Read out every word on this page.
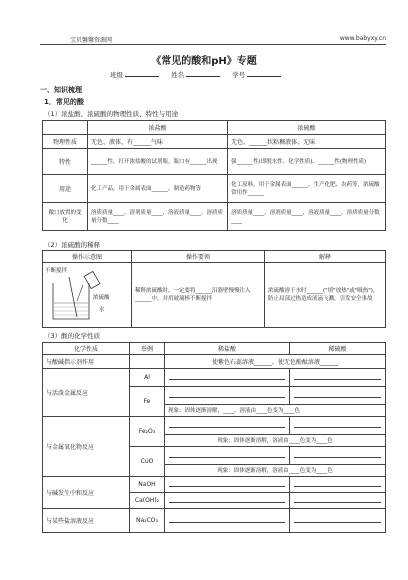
宝贝馨馨资源网	www.babyxy.cn
《常见的酸和pH》专题
班级	姓名	学号
一、知识梳理
1．常见的酸
（1）浓盐酸、浓硫酸的物理性质、特性与用途
	浓盐酸	浓硫酸
物理性质	无色、液体、有______气味	无色、______状粘稠液体、无味
特性	______性，打开浓盐酸的试剂瓶，瓶口有______出现	强______性(即脱水性、化学性质)、______性(物理性质)
用途	化工产品，用于金属表面______，制造药物等	化工原料，用于金属表面______，生产化肥、农药等，浓硫酸常用作______
敞口放置的变化	溶质质量____，溶剂质量____，溶液质量____，溶质质量分数____	溶质质量____，溶剂质量____，溶液质量____，溶质质量分数____
（2）浓硫酸的稀释
操作示意图	操作要领	解释

不断搅拌
浓硫酸
水	稀释浓硫酸时，一定要将______沿器壁慢慢注入______中，并用玻璃棒不断搅拌	浓硫酸溶于水时______("填"放热"或"吸热")，防止局部过热造成液滴飞溅，引发安全事故
（3）酸的化学性质
化学性质	举例	稀盐酸	稀硫酸
与酸碱指示剂作用		使紫色石蕊溶液______，使无色酚酞溶液______	
与活泼金属反应	Al	

	Fe	

		现象：固体逐渐溶解，____，溶液由____色变为____色	
与金属氧化物反应	Fe₂O₃	

		现象：固体逐渐溶解，溶液由____色变为____色	
	CuO	

		现象：固体逐渐溶解，溶液由____色变为____色	
与碱发生中和反应	NaOH	

	Ca(OH)₂	

与某些盐溶液反应	Na₂CO₃	
